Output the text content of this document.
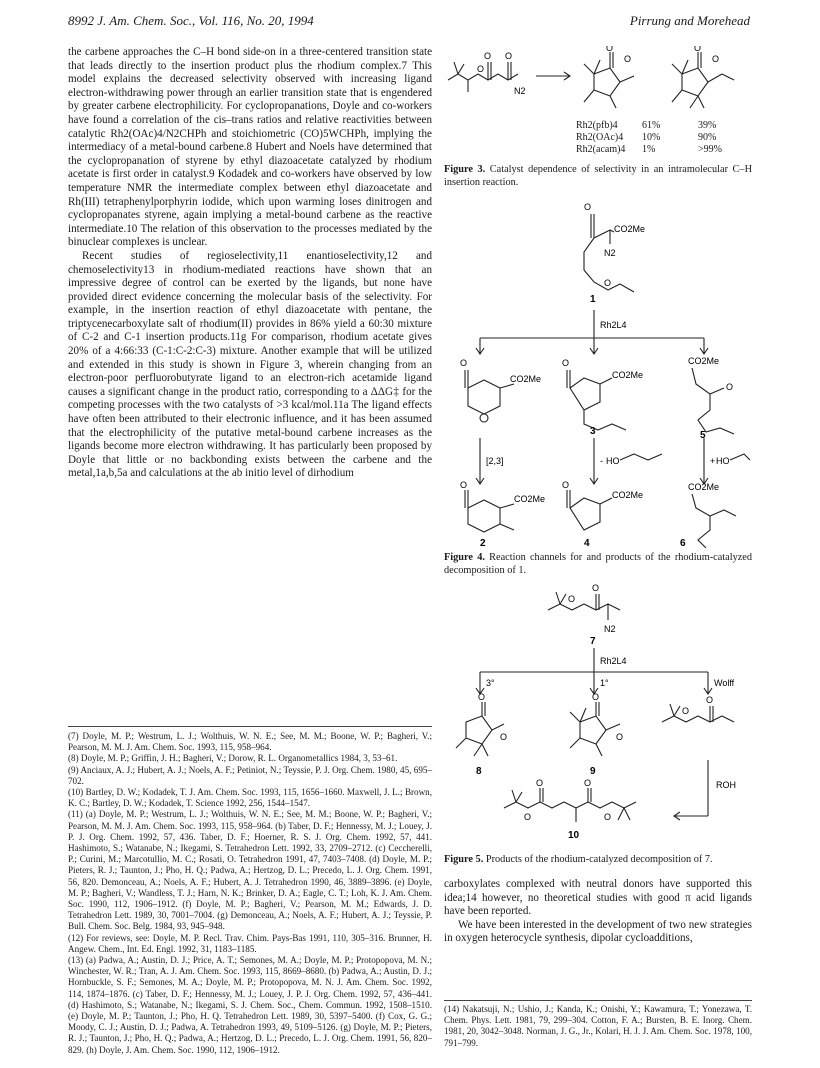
8992 J. Am. Chem. Soc., Vol. 116, No. 20, 1994	Pirrung and Morehead

the carbene approaches the C–H bond side-on in a three-centered transition state that leads directly to the insertion product plus the rhodium complex.7 This model explains the decreased selectivity observed with increasing ligand electron-withdrawing power through an earlier transition state that is engendered by greater carbene electrophilicity. For cyclopropanations, Doyle and co-workers have found a correlation of the cis–trans ratios and relative reactivities between catalytic Rh2(OAc)4/N2CHPh and stoichiometric (CO)5WCHPh, implying the intermediacy of a metal-bound carbene.8 Hubert and Noels have determined that the cyclopropanation of styrene by ethyl diazoacetate catalyzed by rhodium acetate is first order in catalyst.9 Kodadek and co-workers have observed by low temperature NMR the intermediate complex between ethyl diazoacetate and Rh(III) tetraphenylporphyrin iodide, which upon warming loses dinitrogen and cyclopropanates styrene, again implying a metal-bound carbene as the reactive intermediate.10 The relation of this observation to the processes mediated by the binuclear complexes is unclear.

Recent studies of regioselectivity,11 enantioselectivity,12 and chemoselectivity13 in rhodium-mediated reactions have shown that an impressive degree of control can be exerted by the ligands, but none have provided direct evidence concerning the molecular basis of the selectivity. For example, in the insertion reaction of ethyl diazoacetate with pentane, the triptycenecarboxylate salt of rhodium(II) provides in 86% yield a 60:30 mixture of C-2 and C-1 insertion products.11g For comparison, rhodium acetate gives 20% of a 4:66:33 (C-1:C-2:C-3) mixture. Another example that will be utilized and extended in this study is shown in Figure 3, wherein changing from an electron-poor perfluorobutyrate ligand to an electron-rich acetamide ligand causes a significant change in the product ratio, corresponding to a ΔΔG‡ for the competing processes with the two catalysts of >3 kcal/mol.11a The ligand effects have often been attributed to their electronic influence, and it has been assumed that the electrophilicity of the putative metal-bound carbene increases as the ligands become more electron withdrawing. It has particularly been proposed by Doyle that little or no backbonding exists between the carbene and the metal,1a,b,5a and calculations at the ab initio level of dirhodium

(7) Doyle, M. P.; Westrum, L. J.; Wolthuis, W. N. E.; See, M. M.; Boone, W. P.; Bagheri, V.; Pearson, M. M. J. Am. Chem. Soc. 1993, 115, 958–964.

(8) Doyle, M. P.; Griffin, J. H.; Bagheri, V.; Dorow, R. L. Organometallics 1984, 3, 53–61.

(9) Anciaux, A. J.; Hubert, A. J.; Noels, A. F.; Petiniot, N.; Teyssie, P. J. Org. Chem. 1980, 45, 695–702.

(10) Bartley, D. W.; Kodadek, T. J. Am. Chem. Soc. 1993, 115, 1656–1660. Maxwell, J. L.; Brown, K. C.; Bartley, D. W.; Kodadek, T. Science 1992, 256, 1544–1547.

(11) (a) Doyle, M. P.; Westrum, L. J.; Wolthuis, W. N. E.; See, M. M.; Boone, W. P.; Bagheri, V.; Pearson, M. M. J. Am. Chem. Soc. 1993, 115, 958–964. (b) Taber, D. F.; Hennessy, M. J.; Louey, J. P. J. Org. Chem. 1992, 57, 436. Taber, D. F.; Hoerner, R. S. J. Org. Chem. 1992, 57, 441. Hashimoto, S.; Watanabe, N.; Ikegami, S. Tetrahedron Lett. 1992, 33, 2709–2712. (c) Ceccherelli, P.; Curini, M.; Marcotullio, M. C.; Rosati, O. Tetrahedron 1991, 47, 7403–7408. (d) Doyle, M. P.; Pieters, R. J.; Taunton, J.; Pho, H. Q.; Padwa, A.; Hertzog, D. L.; Precedo, L. J. Org. Chem. 1991, 56, 820. Demonceau, A.; Noels, A. F.; Hubert, A. J. Tetrahedron 1990, 46, 3889–3896. (e) Doyle, M. P.; Bagheri, V.; Wandless, T. J.; Harn, N. K.; Brinker, D. A.; Eagle, C. T.; Loh, K. J. Am. Chem. Soc. 1990, 112, 1906–1912. (f) Doyle, M. P.; Bagheri, V.; Pearson, M. M.; Edwards, J. D. Tetrahedron Lett. 1989, 30, 7001–7004. (g) Demonceau, A.; Noels, A. F.; Hubert, A. J.; Teyssie, P. Bull. Chem. Soc. Belg. 1984, 93, 945–948.

(12) For reviews, see: Doyle, M. P. Recl. Trav. Chim. Pays-Bas 1991, 110, 305–316. Brunner, H. Angew. Chem., Int. Ed. Engl. 1992, 31, 1183–1185.

(13) (a) Padwa, A.; Austin, D. J.; Price, A. T.; Semones, M. A.; Doyle, M. P.; Protopopova, M. N.; Winchester, W. R.; Tran, A. J. Am. Chem. Soc. 1993, 115, 8669–8680. (b) Padwa, A.; Austin, D. J.; Hornbuckle, S. F.; Semones, M. A.; Doyle, M. P.; Protopopova, M. N. J. Am. Chem. Soc. 1992, 114, 1874–1876. (c) Taber, D. F.; Hennessy, M. J.; Louey, J. P. J. Org. Chem. 1992, 57, 436–441. (d) Hashimoto, S.; Watanabe, N.; Ikegami, S. J. Chem. Soc., Chem. Commun. 1992, 1508–1510. (e) Doyle, M. P.; Taunton, J.; Pho, H. Q. Tetrahedron Lett. 1989, 30, 5397–5400. (f) Cox, G. G.; Moody, C. J.; Austin, D. J.; Padwa, A. Tetrahedron 1993, 49, 5109–5126. (g) Doyle, M. P.; Pieters, R. J.; Taunton, J.; Pho, H. Q.; Padwa, A.; Hertzog, D. L.; Precedo, L. J. Org. Chem. 1991, 56, 820–829. (h) Doyle, J. Am. Chem. Soc. 1990, 112, 1906–1912.

O
O O
N2
O
O
O
O
Rh2(pfb)4	61%	39%
Rh2(OAc)4	10%	90%
Rh2(acam)4	1%	>99%

Figure 3. Catalyst dependence of selectivity in an intramolecular C–H insertion reaction.

O
CO2Me
N2
O
1
Rh2L4
O
CO2Me
O
CO2Me
3
CO2Me
O
5
[2,3]	- HO	+ HO
O
CO2Me
2
O
CO2Me
4
CO2Me
6

Figure 4. Reaction channels for and products of the rhodium-catalyzed decomposition of 1.

O
O
N2
7
Rh2L4
3°	1°	Wolff
O
O
8
O
O
9
O
O
ROH
O
O	O
O
10

Figure 5. Products of the rhodium-catalyzed decomposition of 7.

carboxylates complexed with neutral donors have supported this idea;14 however, no theoretical studies with good π acid ligands have been reported.

We have been interested in the development of two new strategies in oxygen heterocycle synthesis, dipolar cycloadditions,

(14) Nakatsuji, N.; Ushio, J.; Kanda, K.; Onishi, Y.; Kawamura, T.; Yonezawa, T. Chem. Phys. Lett. 1981, 79, 299–304. Cotton, F. A.; Bursten, B. E. Inorg. Chem. 1981, 20, 3042–3048. Norman, J. G., Jr., Kolari, H. J. J. Am. Chem. Soc. 1978, 100, 791–799.
